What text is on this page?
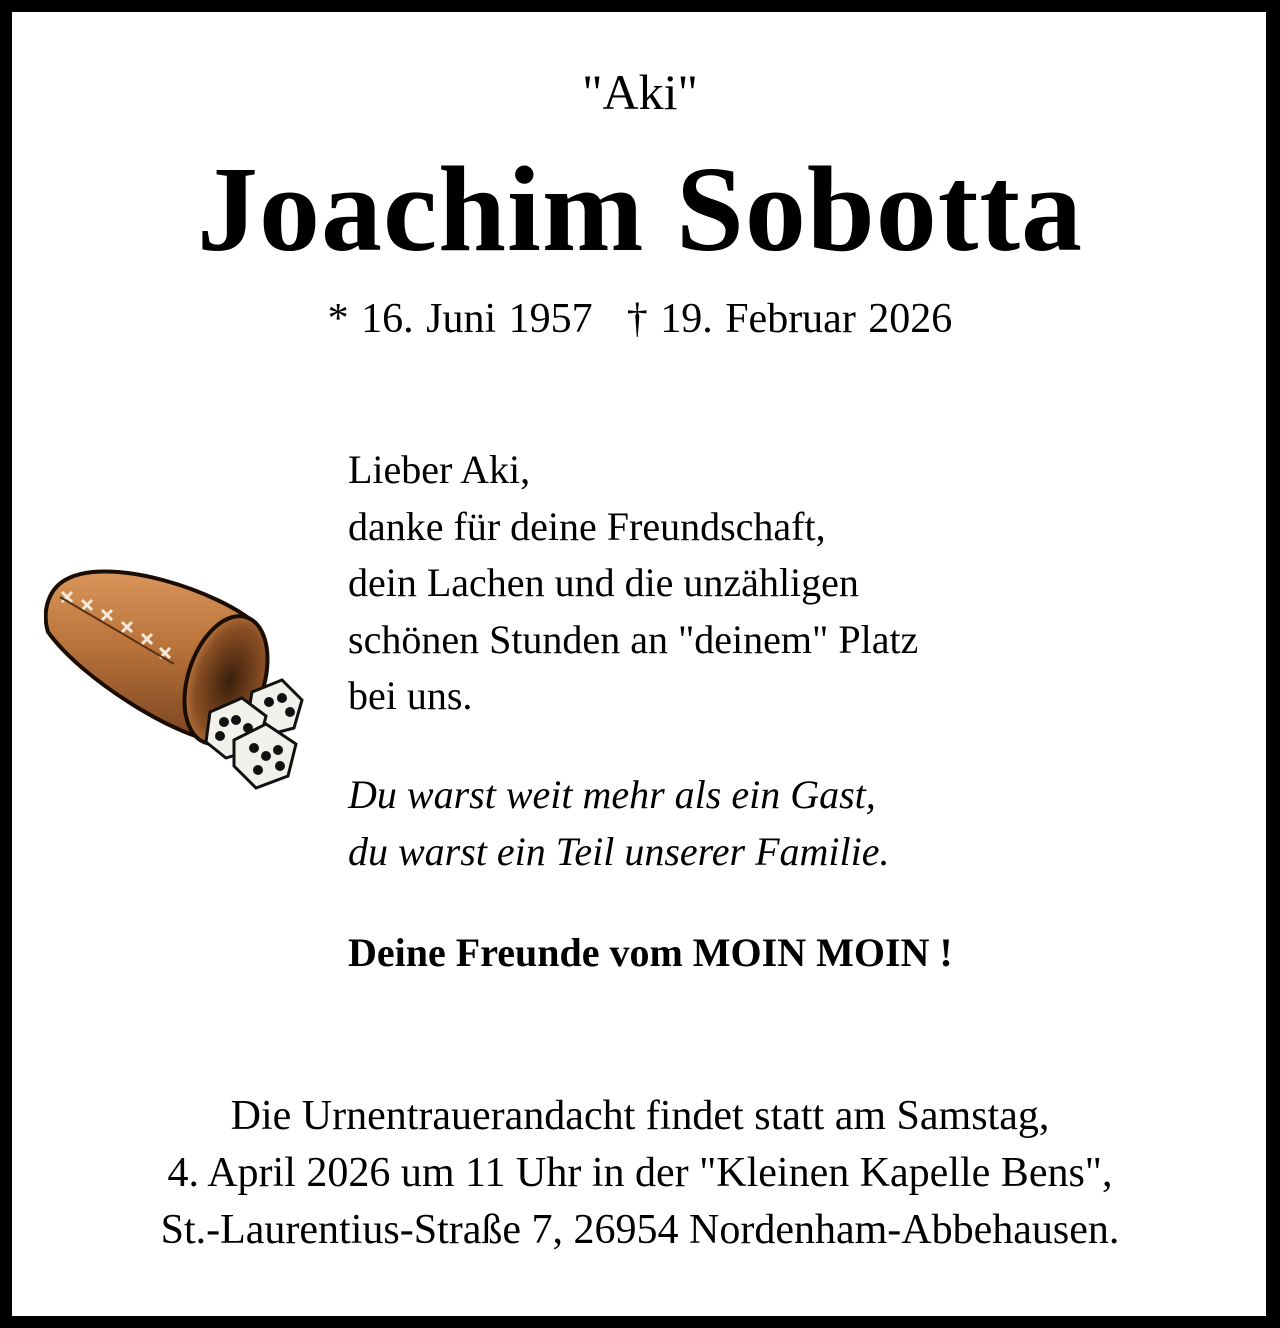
"Aki"
Joachim Sobotta
* 16. Juni 1957 † 19. Februar 2026
Lieber Aki,
danke für deine Freundschaft,
dein Lachen und die unzähligen
schönen Stunden an "deinem" Platz
bei uns.
Du warst weit mehr als ein Gast,
du warst ein Teil unserer Familie.
Deine Freunde vom MOIN MOIN !
Die Urnentrauerandacht findet statt am Samstag,
4. April 2026 um 11 Uhr in der "Kleinen Kapelle Bens",
St.-Laurentius-Straße 7, 26954 Nordenham-Abbehausen.
